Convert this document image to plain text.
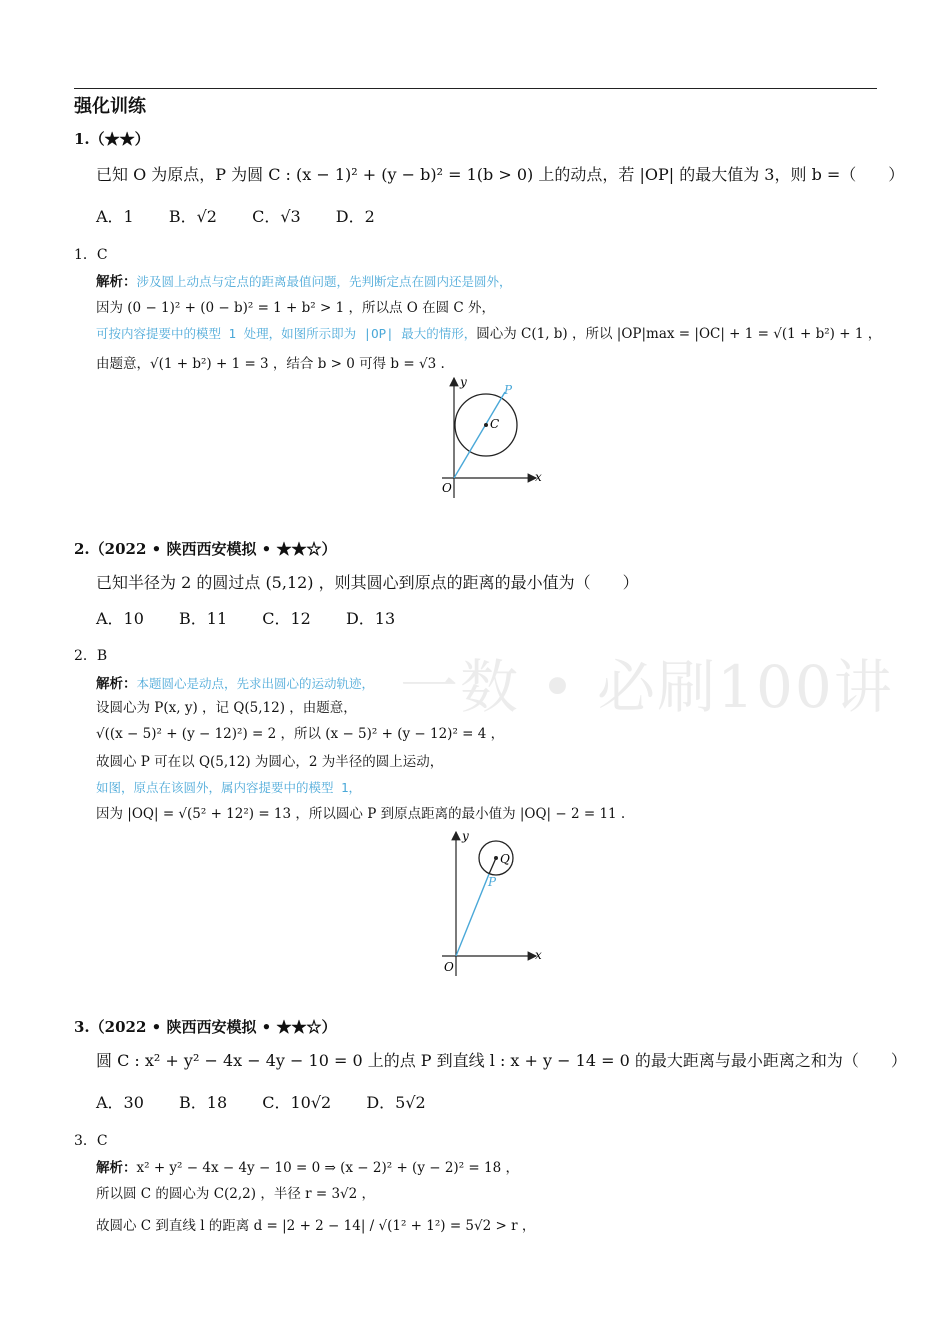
强化训练
一数 • 必刷100讲
1.（★★）
已知 O 为原点，P 为圆 C : (x − 1)² + (y − b)² = 1(b > 0) 上的动点，若 |OP| 的最大值为 3，则 b =（　　）
A．1 B．√2 C．√3 D．2
1．C
解析：涉及圆上动点与定点的距离最值问题，先判断定点在圆内还是圆外，
因为 (0 − 1)² + (0 − b)² = 1 + b² > 1 ，所以点 O 在圆 C 外，
可按内容提要中的模型 1 处理，如图所示即为 |OP| 最大的情形，圆心为 C(1, b) ，所以 |OP|max = |OC| + 1 = √(1 + b²) + 1 ，
由题意，√(1 + b²) + 1 = 3 ，结合 b > 0 可得 b = √3 .
y
x
O
C
P
2.（2022 • 陕西西安模拟 • ★★☆）
已知半径为 2 的圆过点 (5,12) ，则其圆心到原点的距离的最小值为（　　）
A．10 B．11 C．12 D．13
2．B
解析：本题圆心是动点，先求出圆心的运动轨迹，
设圆心为 P(x, y) ，记 Q(5,12) ，由题意，
√((x − 5)² + (y − 12)²) = 2 ，所以 (x − 5)² + (y − 12)² = 4 ，
故圆心 P 可在以 Q(5,12) 为圆心，2 为半径的圆上运动，
如图，原点在该圆外，属内容提要中的模型 1，
因为 |OQ| = √(5² + 12²) = 13 ，所以圆心 P 到原点距离的最小值为 |OQ| − 2 = 11 .
y
x
O
Q
P
3.（2022 • 陕西西安模拟 • ★★☆）
圆 C : x² + y² − 4x − 4y − 10 = 0 上的点 P 到直线 l : x + y − 14 = 0 的最大距离与最小距离之和为（　　）
A．30 B．18 C．10√2 D．5√2
3．C
解析：x² + y² − 4x − 4y − 10 = 0 ⇒ (x − 2)² + (y − 2)² = 18 ，
所以圆 C 的圆心为 C(2,2) ，半径 r = 3√2 ，
故圆心 C 到直线 l 的距离 d = |2 + 2 − 14| / √(1² + 1²) = 5√2 > r ，
